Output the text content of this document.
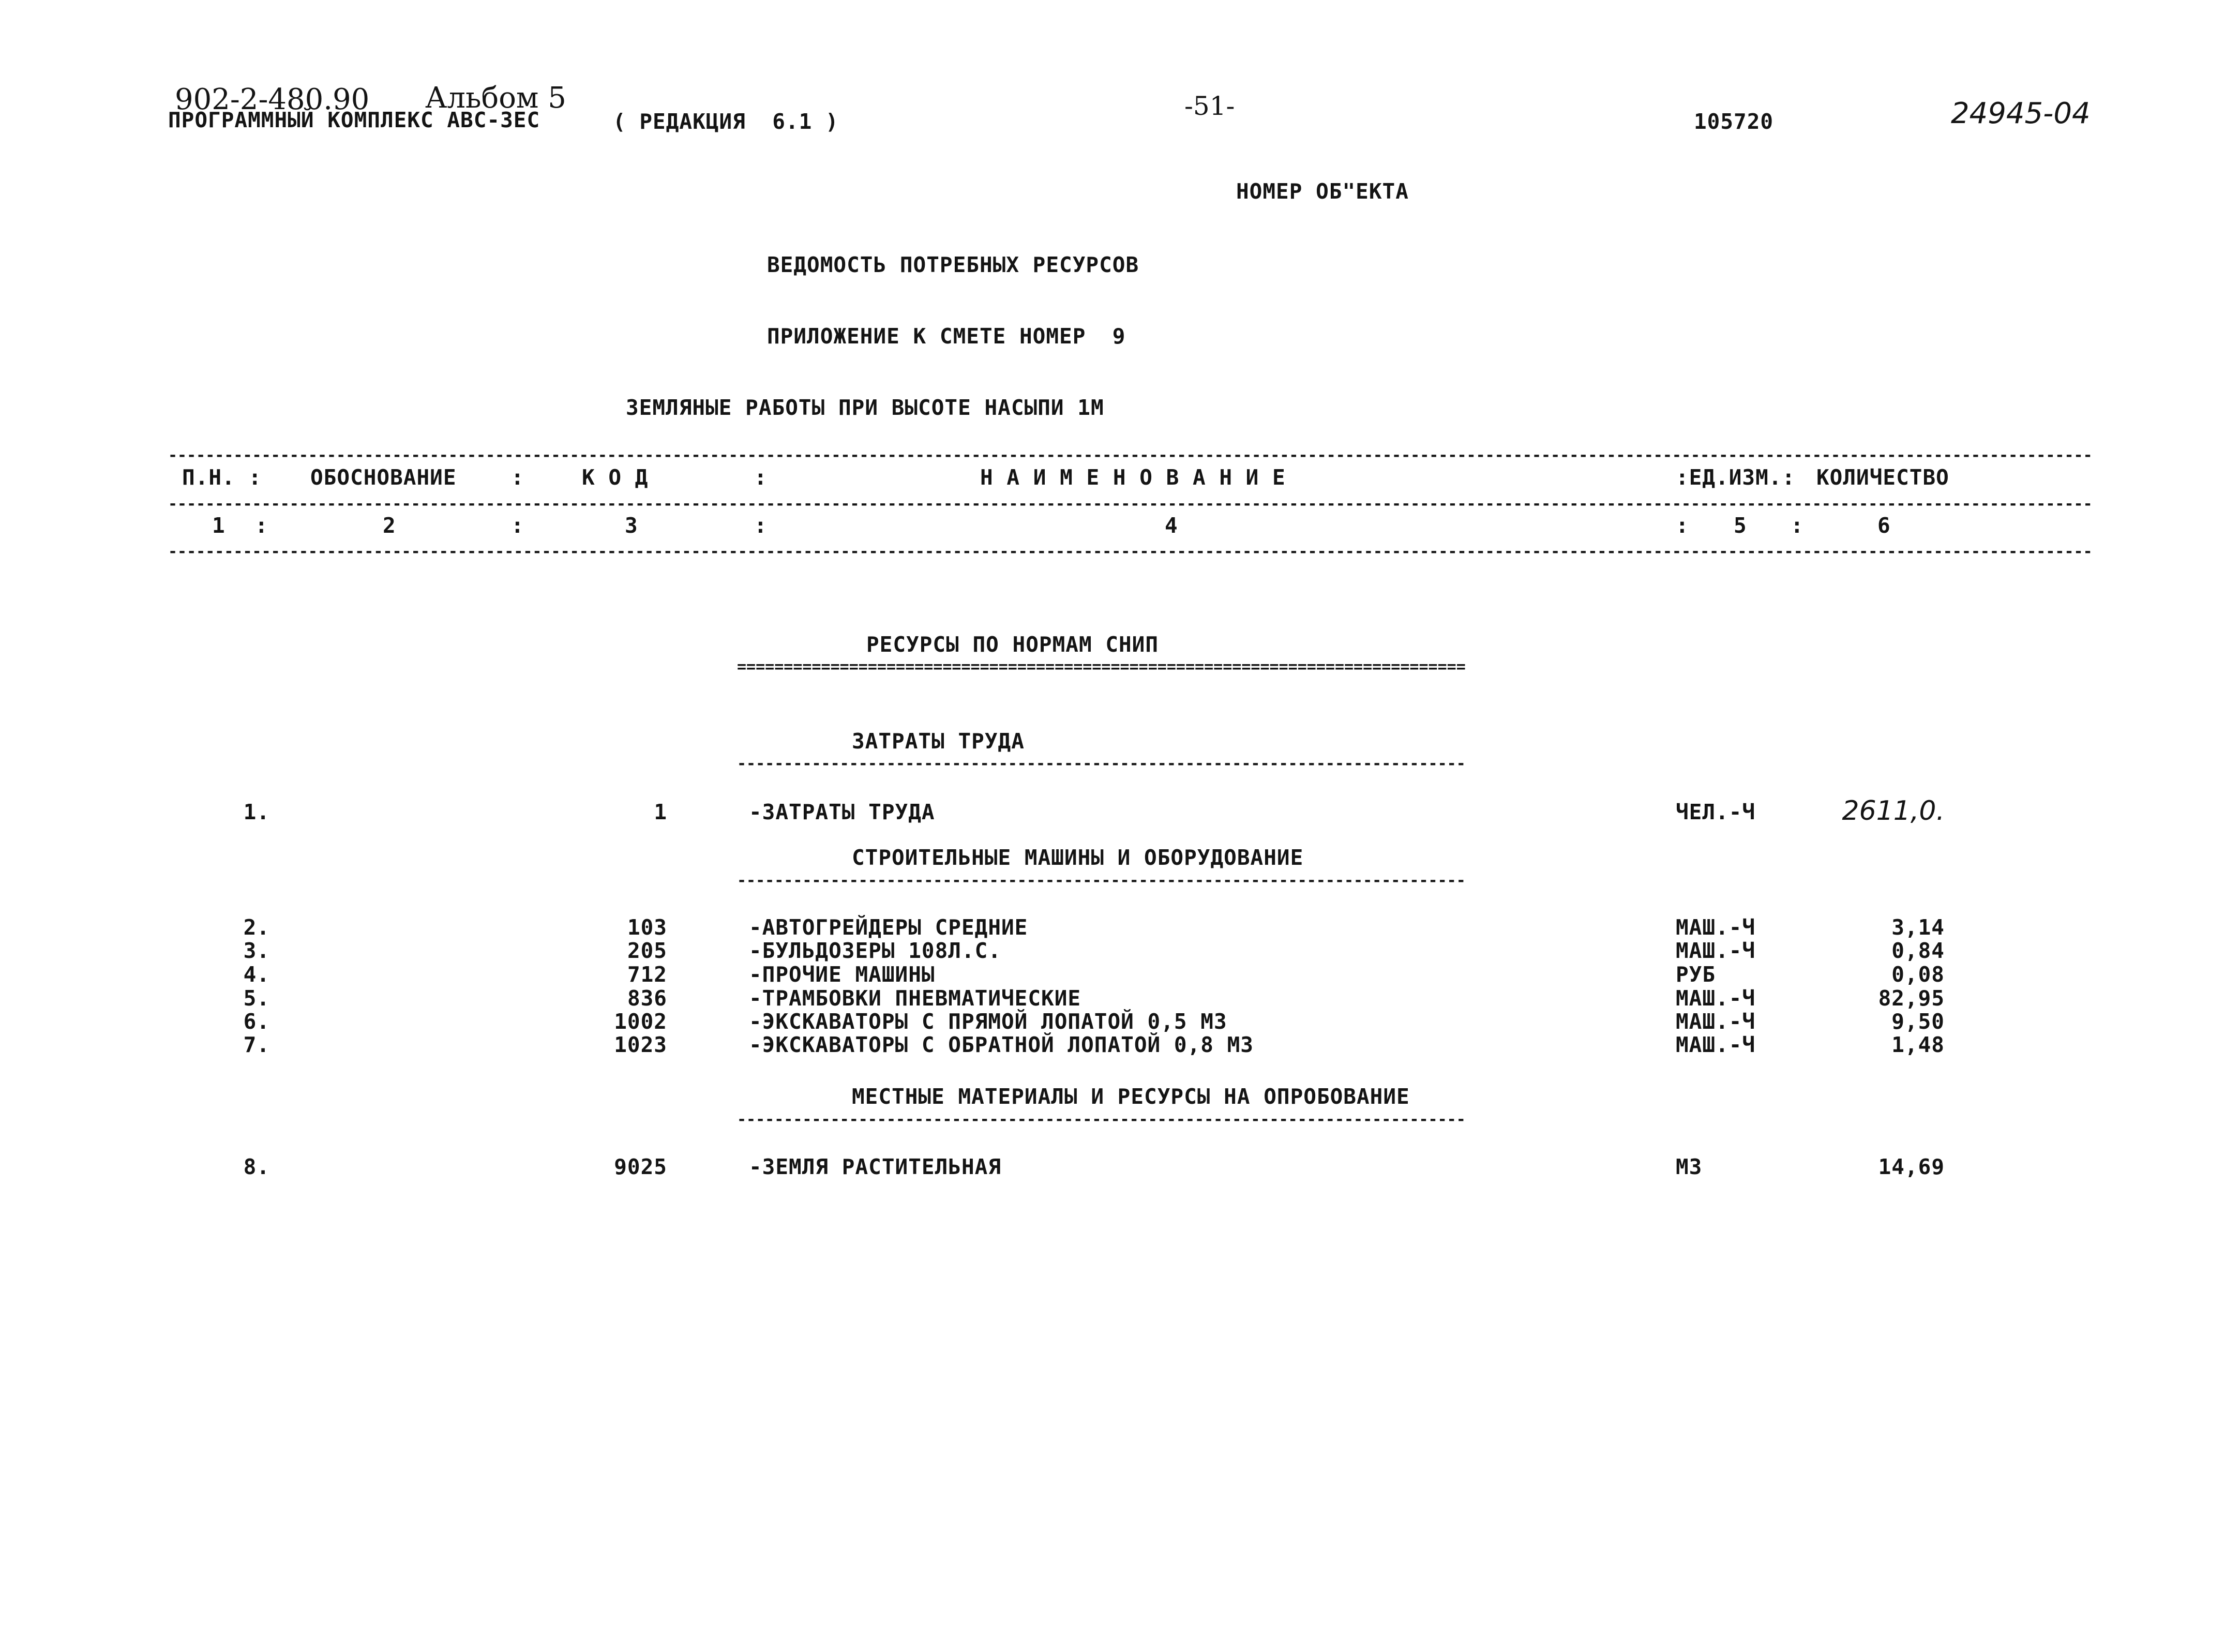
902-2-480.90 Альбом 5
ПРОГРАММНЫЙ КОМПЛЕКС АВС-3ЕС	( РЕДАКЦИЯ  6.1 )
-51-
105720	24945-04
НОМЕР ОБ"ЕКТА
ВЕДОМОСТЬ ПОТРЕБНЫХ РЕСУРСОВ
ПРИЛОЖЕНИЕ К СМЕТЕ НОМЕР  9
ЗЕМЛЯНЫЕ РАБОТЫ ПРИ ВЫСОТЕ НАСЫПИ 1М
--------------------------------------------------------------------------------------------------------------------------------------------------------------------------------------------------------------
--------------------------------------------------------------------------------------------------------------------------------------------------------------------------------------------------------------
--------------------------------------------------------------------------------------------------------------------------------------------------------------------------------------------------------------
П.Н. : ОБОСНОВАНИЕ	:	К О Д	:	Н А И М Е Н О В А Н И Е	:ЕД.ИЗМ.: КОЛИЧЕСТВО
1 :	2	:	3	:	4	: 5 :	6
РЕСУРСЫ ПО НОРМАМ СНИП
==============================================================================
ЗАТРАТЫ ТРУДА
------------------------------------------------------------------------------
1.	1	-ЗАТРАТЫ ТРУДА	ЧЕЛ.-Ч	2611,0.
СТРОИТЕЛЬНЫЕ МАШИНЫ И ОБОРУДОВАНИЕ
------------------------------------------------------------------------------
2.	103	-АВТОГРЕЙДЕРЫ СРЕДНИЕ	МАШ.-Ч	3,14
3.	205	-БУЛЬДОЗЕРЫ 108Л.С.	МАШ.-Ч	0,84
4.	712	-ПРОЧИЕ МАШИНЫ	РУБ	0,08
5.	836	-ТРАМБОВКИ ПНЕВМАТИЧЕСКИЕ	МАШ.-Ч	82,95
6.	1002	-ЭКСКАВАТОРЫ С ПРЯМОЙ ЛОПАТОЙ 0,5 М3	МАШ.-Ч	9,50
7.	1023	-ЭКСКАВАТОРЫ С ОБРАТНОЙ ЛОПАТОЙ 0,8 М3	МАШ.-Ч	1,48
МЕСТНЫЕ МАТЕРИАЛЫ И РЕСУРСЫ НА ОПРОБОВАНИЕ
------------------------------------------------------------------------------
8.	9025	-ЗЕМЛЯ РАСТИТЕЛЬНАЯ	М3	14,69
